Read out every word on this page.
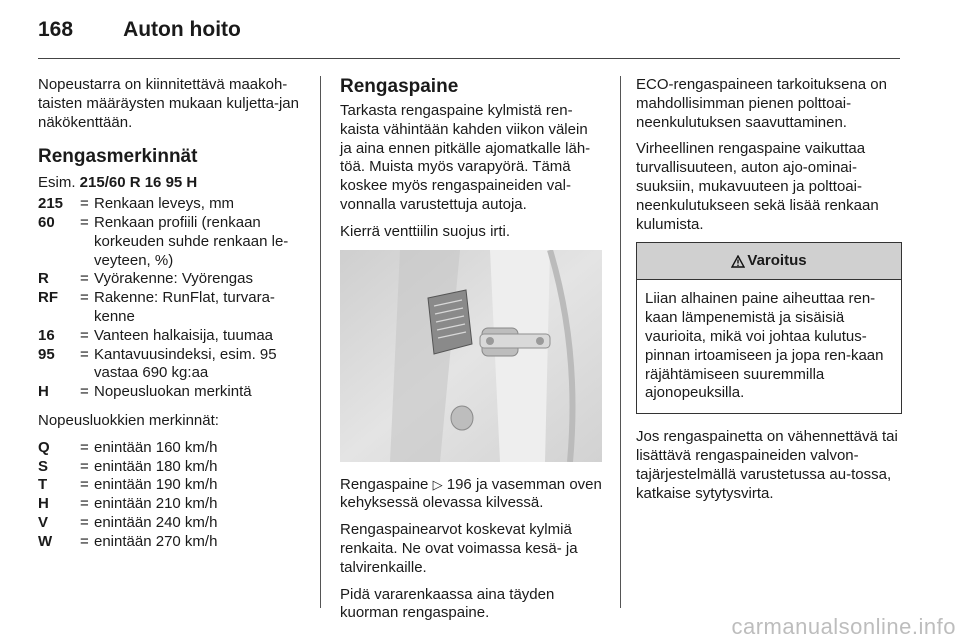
168 Auton hoito

Nopeustarra on kiinnitettävä maakoh-taisten määräysten mukaan kuljetta-jan näkökenttään.

Rengasmerkinnät

Esim. 215/60 R 16 95 H

215	= Renkaan leveys, mm
60	= Renkaan profiili (renkaan korkeuden suhde renkaan le-veyteen, %)
R	= Vyörakenne: Vyörengas
RF	= Rakenne: RunFlat, turvara-kenne
16	= Vanteen halkaisija, tuumaa
95	= Kantavuusindeksi, esim. 95 vastaa 690 kg:aa
H	= Nopeusluokan merkintä

Nopeusluokkien merkinnät:

Q	= enintään 160 km/h
S	= enintään 180 km/h
T	= enintään 190 km/h
H	= enintään 210 km/h
V	= enintään 240 km/h
W	= enintään 270 km/h
Rengaspaine

Tarkasta rengaspaine kylmistä ren-kaista vähintään kahden viikon välein ja aina ennen pitkälle ajomatkalle läh-töä. Muista myös varapyörä. Tämä koskee myös rengaspaineiden val-vonnalla varustettuja autoja.

Kierrä venttiilin suojus irti.

Rengaspaine ▷ 196 ja vasemman oven kehyksessä olevassa kilvessä.

Rengaspainearvot koskevat kylmiä renkaita. Ne ovat voimassa kesä- ja talvirenkaille.

Pidä vararenkaassa aina täyden kuorman rengaspaine.

ECO-rengaspaineen tarkoituksena on mahdollisimman pienen polttoai-neenkulutuksen saavuttaminen.

Virheellinen rengaspaine vaikuttaa turvallisuuteen, auton ajo-ominai-suuksiin, mukavuuteen ja polttoai-neenkulutukseen sekä lisää renkaan kulumista.

Varoitus
Liian alhainen paine aiheuttaa ren-kaan lämpenemistä ja sisäisiä vaurioita, mikä voi johtaa kulutus-pinnan irtoamiseen ja jopa ren-kaan räjähtämiseen suuremmilla ajonopeuksilla.

Jos rengaspainetta on vähennettävä tai lisättävä rengaspaineiden valvon-tajärjestelmällä varustetussa au-tossa, katkaise sytytysvirta.

carmanualsonline.info
